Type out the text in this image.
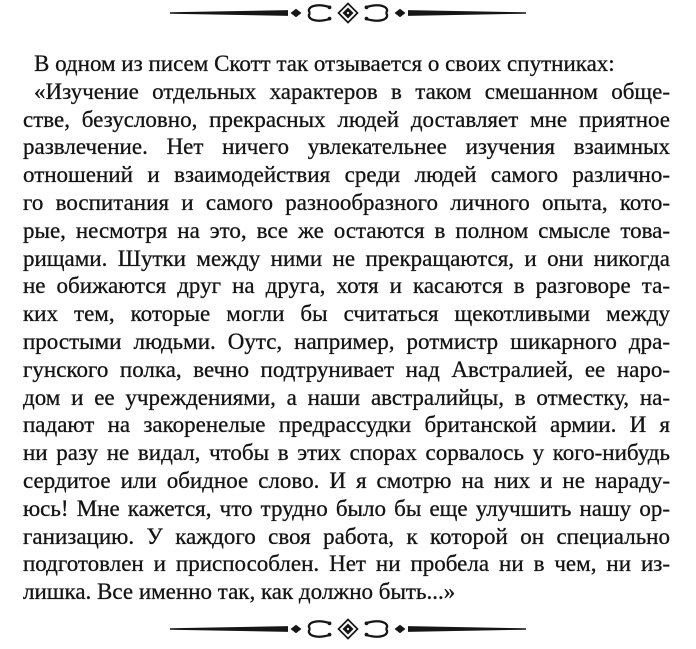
В одном из писем Скотт так отзывается о своих спутниках:
«Изучение отдельных характеров в таком смешанном обще-
стве, безусловно, прекрасных людей доставляет мне приятное
развлечение. Нет ничего увлекательнее изучения взаимных
отношений и взаимодействия среди людей самого различно-
го воспитания и самого разнообразного личного опыта, кото-
рые, несмотря на это, все же остаются в полном смысле това-
рищами. Шутки между ними не прекращаются, и они никогда
не обижаются друг на друга, хотя и касаются в разговоре та-
ких тем, которые могли бы считаться щекотливыми между
простыми людьми. Оутс, например, ротмистр шикарного дра-
гунского полка, вечно подтрунивает над Австралией, ее наро-
дом и ее учреждениями, а наши австралийцы, в отместку, на-
падают на закоренелые предрассудки британской армии. И я
ни разу не видал, чтобы в этих спорах сорвалось у кого-нибудь
сердитое или обидное слово. И я смотрю на них и не нараду-
юсь! Мне кажется, что трудно было бы еще улучшить нашу ор-
ганизацию. У каждого своя работа, к которой он специально
подготовлен и приспособлен. Нет ни пробела ни в чем, ни из-
лишка. Все именно так, как должно быть...»
